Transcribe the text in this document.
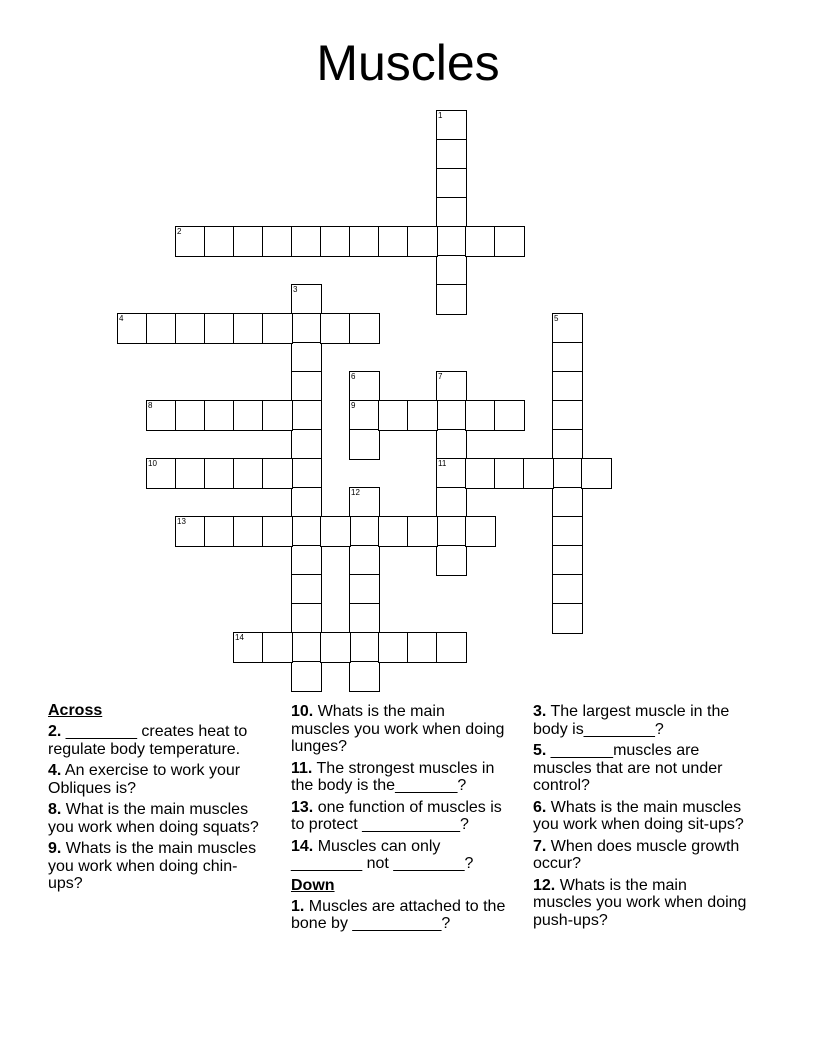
Muscles
1
2
3
4	5
6
9
7
11
8
10
12
13
14
Across
2. ________ creates heat to regulate body temperature.
4. An exercise to work your Obliques is?
8. What is the main muscles you work when doing squats?
9. Whats is the main muscles you work when doing chin-ups?
10. Whats is the main muscles you work when doing lunges?
11. The strongest muscles in the body is the_______?
13. one function of muscles is to protect ___________?
14. Muscles can only ________ not ________?
Down
1. Muscles are attached to the bone by __________?
3. The largest muscle in the body is________?
5. _______muscles are muscles that are not under control?
6. Whats is the main muscles you work when doing sit-ups?
7. When does muscle growth occur?
12. Whats is the main muscles you work when doing push-ups?
